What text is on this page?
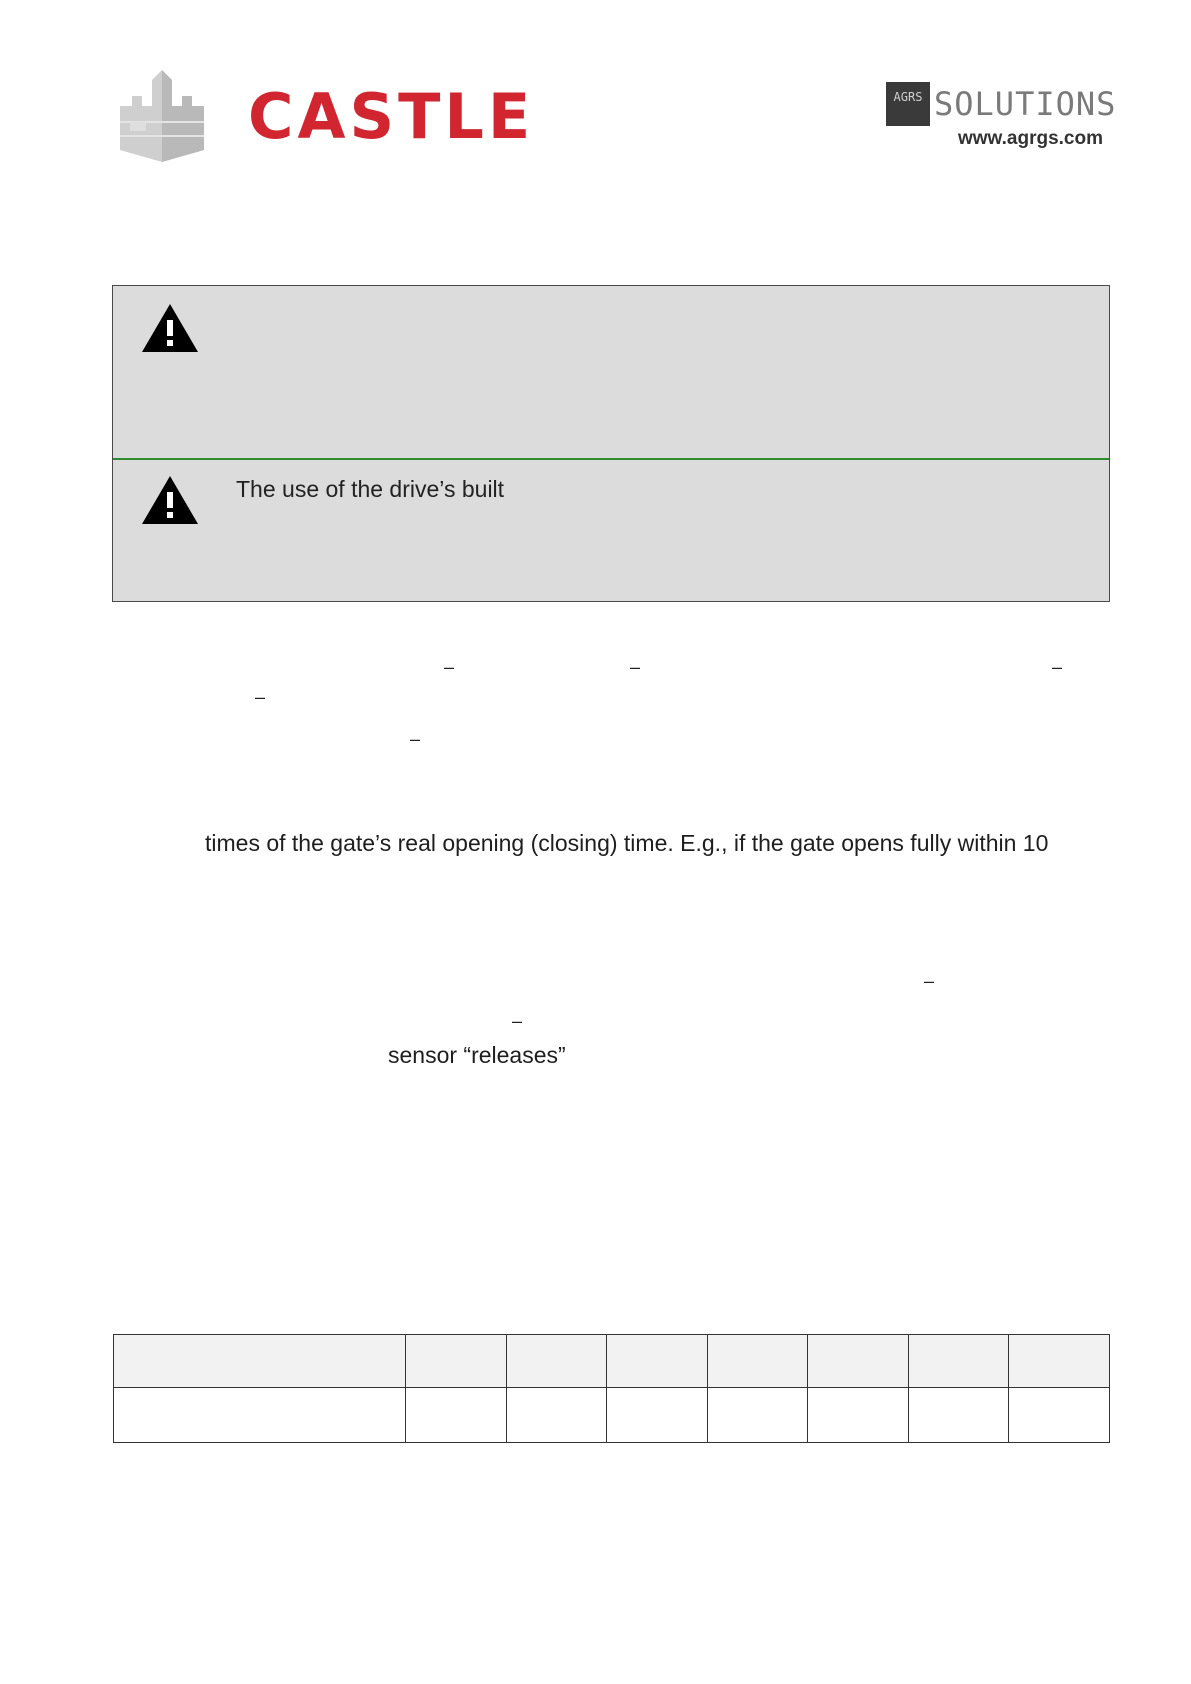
CASTLE	AGRS SOLUTIONS
www.agrgs.com
The use of the drive’s built
–	–	–
–
–
times of the gate’s real opening (closing) time. E.g., if the gate opens fully within 10
–
–
sensor “releases”
